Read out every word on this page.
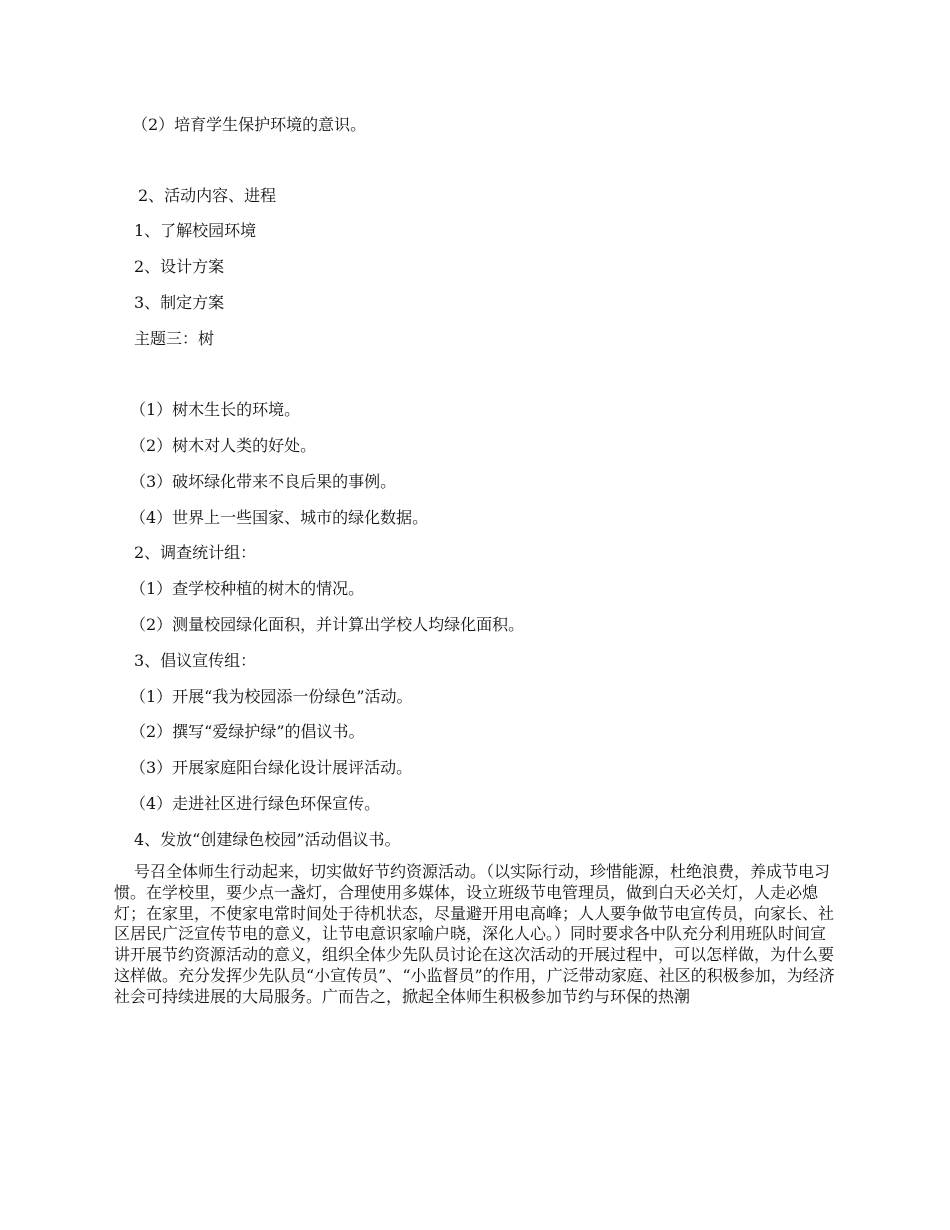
（2）培育学生保护环境的意识。
2、活动内容、进程
1、了解校园环境
2、设计方案
3、制定方案
主题三：树
（1）树木生长的环境。
（2）树木对人类的好处。
（3）破坏绿化带来不良后果的事例。
（4）世界上一些国家、城市的绿化数据。
2、调查统计组：
（1）查学校种植的树木的情况。
（2）测量校园绿化面积，并计算出学校人均绿化面积。
3、倡议宣传组：
（1）开展“我为校园添一份绿色”活动。
（2）撰写“爱绿护绿”的倡议书。
（3）开展家庭阳台绿化设计展评活动。
（4）走进社区进行绿色环保宣传。
4、发放“创建绿色校园”活动倡议书。
号召全体师生行动起来，切实做好节约资源活动。（以实际行动，珍惜能源，杜绝浪费，养成节电习惯。在学校里，要少点一盏灯，合理使用多媒体，设立班级节电管理员，做到白天必关灯，人走必熄灯；在家里，不使家电常时间处于待机状态，尽量避开用电高峰；人人要争做节电宣传员，向家长、社区居民广泛宣传节电的意义，让节电意识家喻户晓，深化人心。）同时要求各中队充分利用班队时间宣讲开展节约资源活动的意义，组织全体少先队员讨论在这次活动的开展过程中，可以怎样做，为什么要这样做。充分发挥少先队员“小宣传员”、“小监督员”的作用，广泛带动家庭、社区的积极参加，为经济社会可持续进展的大局服务。广而告之，掀起全体师生积极参加节约与环保的热潮
